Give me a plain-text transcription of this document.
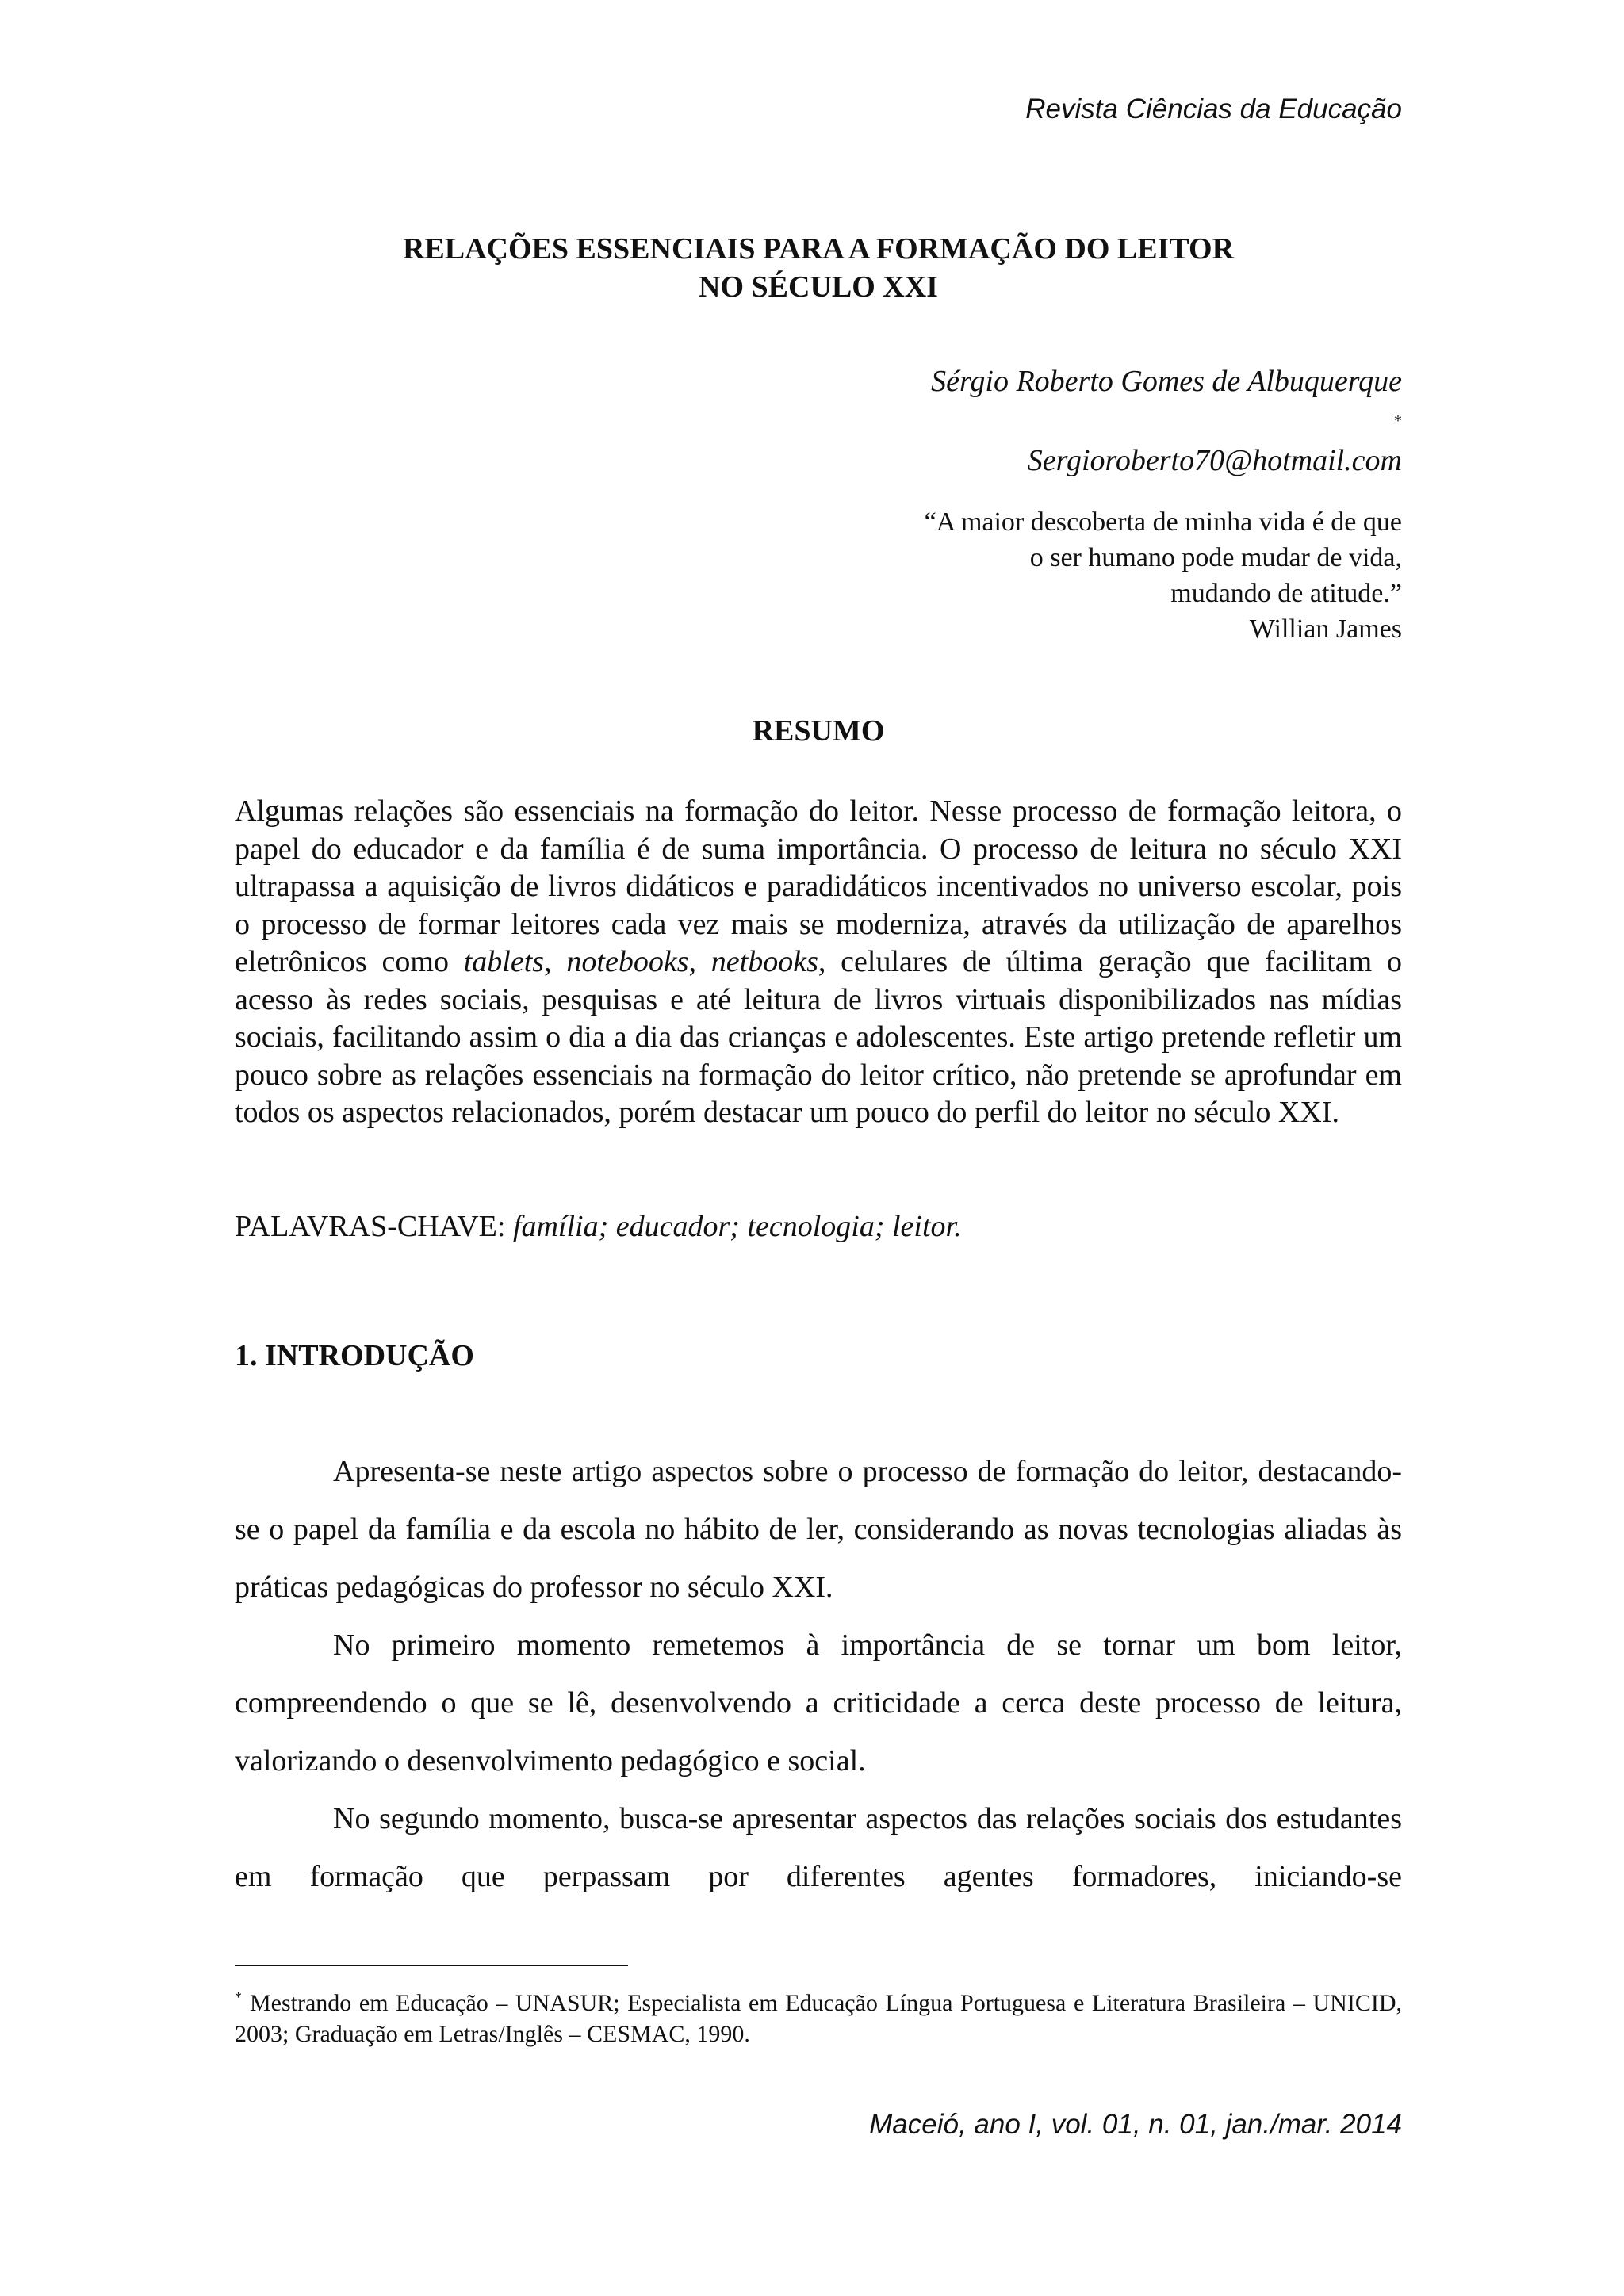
Revista Ciências da Educação
RELAÇÕES ESSENCIAIS PARA A FORMAÇÃO DO LEITOR
NO SÉCULO XXI
Sérgio Roberto Gomes de Albuquerque
*
Sergioroberto70@hotmail.com
“A maior descoberta de minha vida é de que
o ser humano pode mudar de vida,
mudando de atitude.”
Willian James
RESUMO

Algumas relações são essenciais na formação do leitor. Nesse processo de formação leitora, o papel do educador e da família é de suma importância. O processo de leitura no século XXI ultrapassa a aquisição de livros didáticos e paradidáticos incentivados no universo escolar, pois o processo de formar leitores cada vez mais se moderniza, através da utilização de aparelhos eletrônicos como tablets, notebooks, netbooks, celulares de última geração que facilitam o acesso às redes sociais, pesquisas e até leitura de livros virtuais disponibilizados nas mídias sociais, facilitando assim o dia a dia das crianças e adolescentes. Este artigo pretende refletir um pouco sobre as relações essenciais na formação do leitor crítico, não pretende se aprofundar em todos os aspectos relacionados, porém destacar um pouco do perfil do leitor no século XXI.

PALAVRAS-CHAVE: família; educador; tecnologia; leitor.

1. INTRODUÇÃO

Apresenta-se neste artigo aspectos sobre o processo de formação do leitor, destacando-se o papel da família e da escola no hábito de ler, considerando as novas tecnologias aliadas às práticas pedagógicas do professor no século XXI.

No primeiro momento remetemos à importância de se tornar um bom leitor, compreendendo o que se lê, desenvolvendo a criticidade a cerca deste processo de leitura, valorizando o desenvolvimento pedagógico e social.

No segundo momento, busca-se apresentar aspectos das relações sociais dos estudantes em formação que perpassam por diferentes agentes formadores, iniciando-se

* Mestrando em Educação – UNASUR; Especialista em Educação Língua Portuguesa e Literatura Brasileira – UNICID, 2003; Graduação em Letras/Inglês – CESMAC, 1990.

Maceió, ano I, vol. 01, n. 01, jan./mar. 2014
